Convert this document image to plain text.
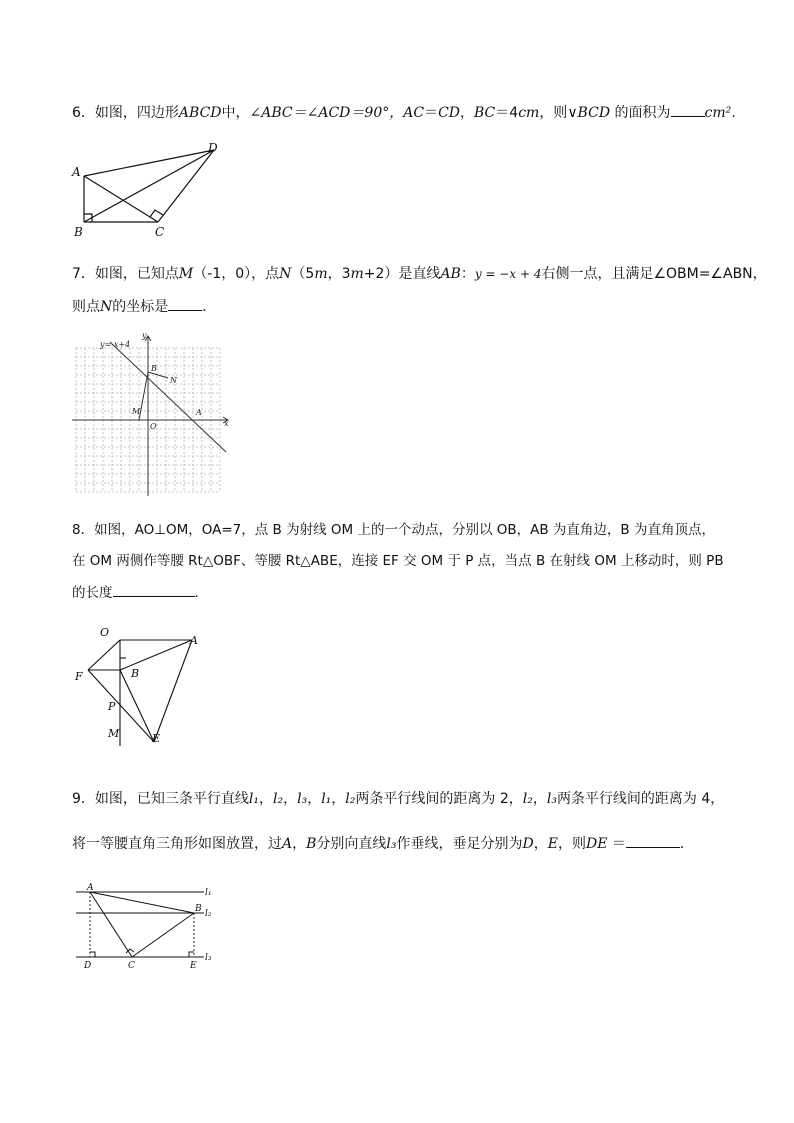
6．如图，四边形ABCD中，∠ABC＝∠ACD＝90°，AC＝CD，BC＝4cm，则∨BCD 的面积为 cm²．
A
B	C
D
7．如图，已知点M（-1，0），点N（5m，3m+2）是直线AB：y = −x + 4右侧一点，且满足∠OBM=∠ABN，
则点N的坐标是 ．
y=-x+4
y
x
B
N
M
O
A
8．如图，AO⊥OM，OA=7，点 B 为射线 OM 上的一个动点，分别以 OB，AB 为直角边，B 为直角顶点，
在 OM 两侧作等腰 Rt△OBF、等腰 Rt△ABE，连接 EF 交 OM 于 P 点，当点 B 在射线 OM 上移动时，则 PB
的长度	．
O
A
F	B
P
M	E
9．如图，已知三条平行直线l₁，l₂，l₃，l₁，l₂两条平行线间的距离为 2，l₂，l₃两条平行线间的距离为 4，
将一等腰直角三角形如图放置，过A，B分别向直线l₃作垂线，垂足分别为D，E，则DE ＝	．
A
B
l₁
l₂
l₃
D	C	E
